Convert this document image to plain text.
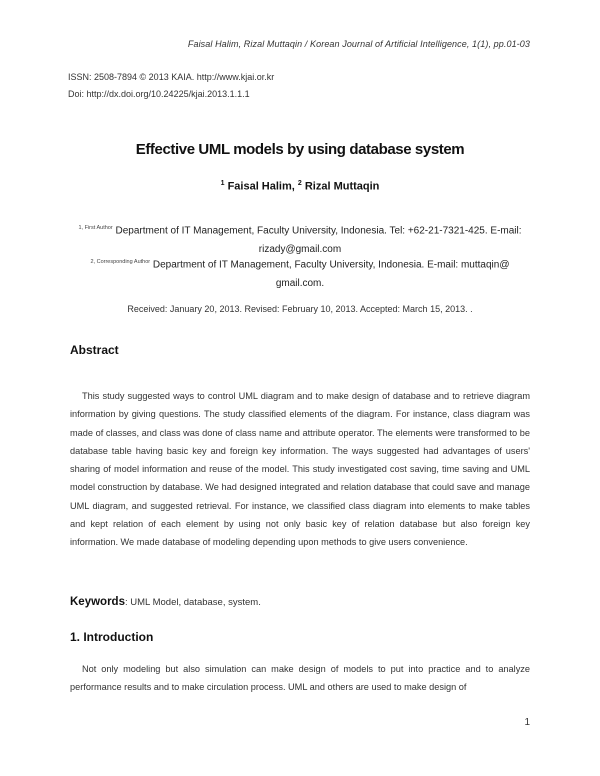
Faisal Halim, Rizal Muttaqin / Korean Journal of Artificial Intelligence, 1(1), pp.01-03
ISSN: 2508-7894 © 2013 KAIA. http://www.kjai.or.kr
Doi: http://dx.doi.org/10.24225/kjai.2013.1.1.1
Effective UML models by using database system
$^1$ Faisal Halim, $^2$ Rizal Muttaqin
$^{1, First Author}$ Department of IT Management, Faculty University, Indonesia. Tel: +62-21-7321-425. E-mail: rizady@gmail.com
$^{2, Corresponding Author}$ Department of IT Management, Faculty University, Indonesia. E-mail: muttaqin@ gmail.com.
Received: January 20, 2013. Revised: February 10, 2013. Accepted: March 15, 2013. .
Abstract

This study suggested ways to control UML diagram and to make design of database and to retrieve diagram information by giving questions. The study classified elements of the diagram. For instance, class diagram was made of classes, and class was done of class name and attribute operator. The elements were transformed to be database table having basic key and foreign key information. The ways suggested had advantages of users' sharing of model information and reuse of the model. This study investigated cost saving, time saving and UML model construction by database. We had designed integrated and relation database that could save and manage UML diagram, and suggested retrieval. For instance, we classified class diagram into elements to make tables and kept relation of each element by using not only basic key of relation database but also foreign key information. We made database of modeling depending upon methods to give users convenience.

Keywords: UML Model, database, system.
1. Introduction

Not only modeling but also simulation can make design of models to put into practice and to analyze performance results and to make circulation process. UML and others are used to make design of

1
